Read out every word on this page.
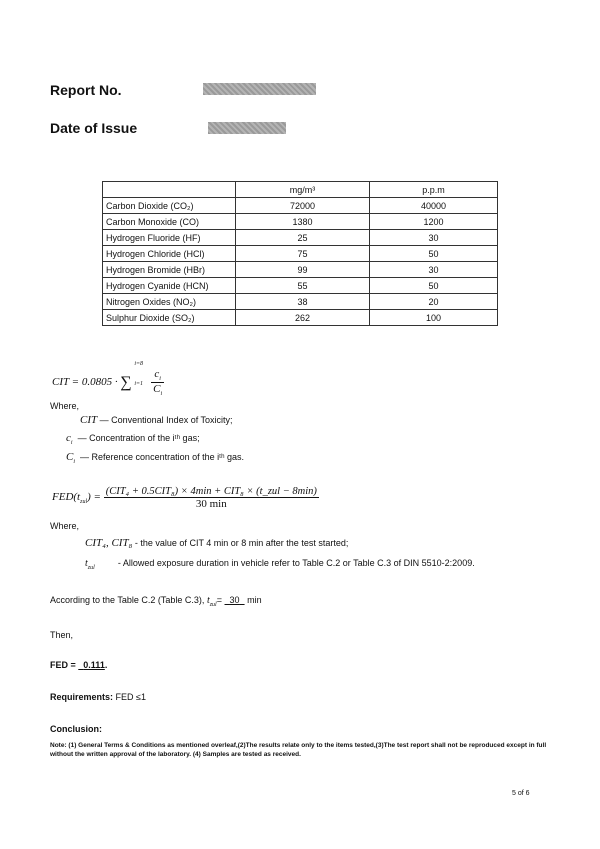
Report No.
Date of Issue
	mg/m³	p.p.m
Carbon Dioxide (CO₂)	72000	40000
Carbon Monoxide (CO)	1380	1200
Hydrogen Fluoride (HF)	25	30
Hydrogen Chloride (HCl)	75	50
Hydrogen Bromide (HBr)	99	30
Hydrogen Cyanide (HCN)	55	50
Nitrogen Oxides (NO₂)	38	20
Sulphur Dioxide (SO₂)	262	100
CIT = 0.0805 ·
i=8
∑ i=1
$\frac{c_i}{C_i}$
Where,
CIT — Conventional Index of Toxicity;
$c_i$  — Concentration of the iᵗʰ gas;
$C_i$  — Reference concentration of the iᵗʰ gas.
$FED(t_{zul}) = \frac{\text{(CIT₄ + 0.5CIT₈) × 4min + CIT₈ × (t\_zul − 8min)}}{30 \min}$
Where,
CIT₄, CIT₈ - the value of CIT 4 min or 8 min after the test started;
$t_{zul}$	- Allowed exposure duration in vehicle refer to Table C.2 or Table C.3 of DIN 5510-2:2009.
According to the Table C.2 (Table C.3), $t_{zul}= 30$ min
Then,
FED = 0.111.
Requirements: FED ≤1
Conclusion:
Note: (1) General Terms & Conditions as mentioned overleaf,(2)The results relate only to the items tested,(3)The test report shall not be reproduced except in full without the written approval of the laboratory. (4) Samples are tested as received.
5 of 6
